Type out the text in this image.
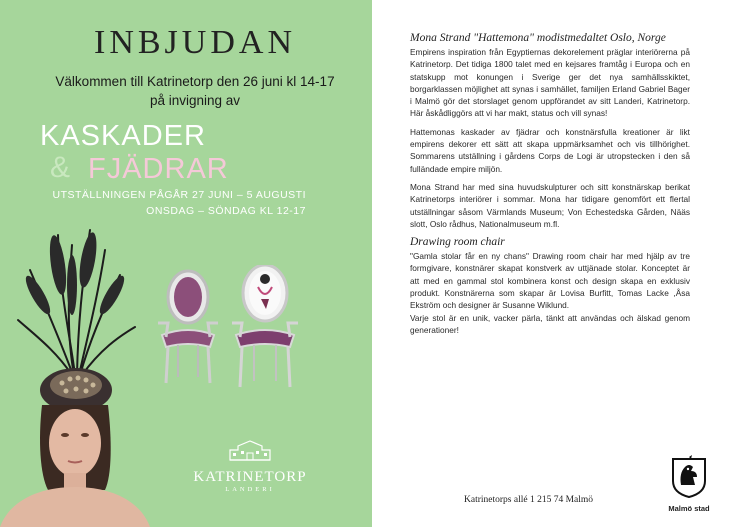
INBJUDAN
Välkommen till Katrinetorp den 26 juni kl 14-17
på invigning av
KASKADER
& FJÄDRAR
UTSTÄLLNINGEN PÅGÅR 27 JUNI – 5 AUGUSTI
ONSDAG – SÖNDAG KL 12-17
KATRINETORP
LANDERI
Mona Strand "Hattemona" modistmedaltet Oslo, Norge

Empirens inspiration från Egyptiernas dekorelement präglar interiörerna på Katrinetorp. Det tidiga 1800 talet med en kejsares framtåg i Europa och en statskupp mot konungen i Sverige ger det nya samhällsskiktet, borgarklassen möjlighet att synas i samhället, familjen Erland Gabriel Bager i Malmö gör det storslaget genom uppförandet av sitt Landeri, Katrinetorp. Här åskådliggörs att vi har makt, status och vill synas!

Hattemonas kaskader av fjädrar och konstnärsfulla kreationer är likt empirens dekorer ett sätt att skapa uppmärksamhet och vis tillhörighet. Sommarens utställning i gårdens Corps de Logi är utropstecken i den så fulländade empire miljön.

Mona Strand har med sina huvudskulpturer och sitt konstnärskap berikat Katrinetorps interiörer i sommar. Mona har tidigare genomfört ett flertal utställningar såsom Värmlands Museum; Von Echestedska Gården, Nääs slott, Oslo rådhus, Nationalmuseum m.fl.

Drawing room chair

"Gamla stolar får en ny chans" Drawing room chair har med hjälp av tre formgivare, konstnärer skapat konstverk av uttjänade stolar. Konceptet är att med en gammal stol kombinera konst och design skapa en exklusiv produkt. Konstnärerna som skapar är Lovisa Burfitt, Tomas Lacke ,Åsa Ekström och designer är Susanne Wiklund.

Varje stol är en unik, vacker pärla, tänkt att användas och älskad genom generationer!

Katrinetorps allé 1 215 74 Malmö
Malmö stad
